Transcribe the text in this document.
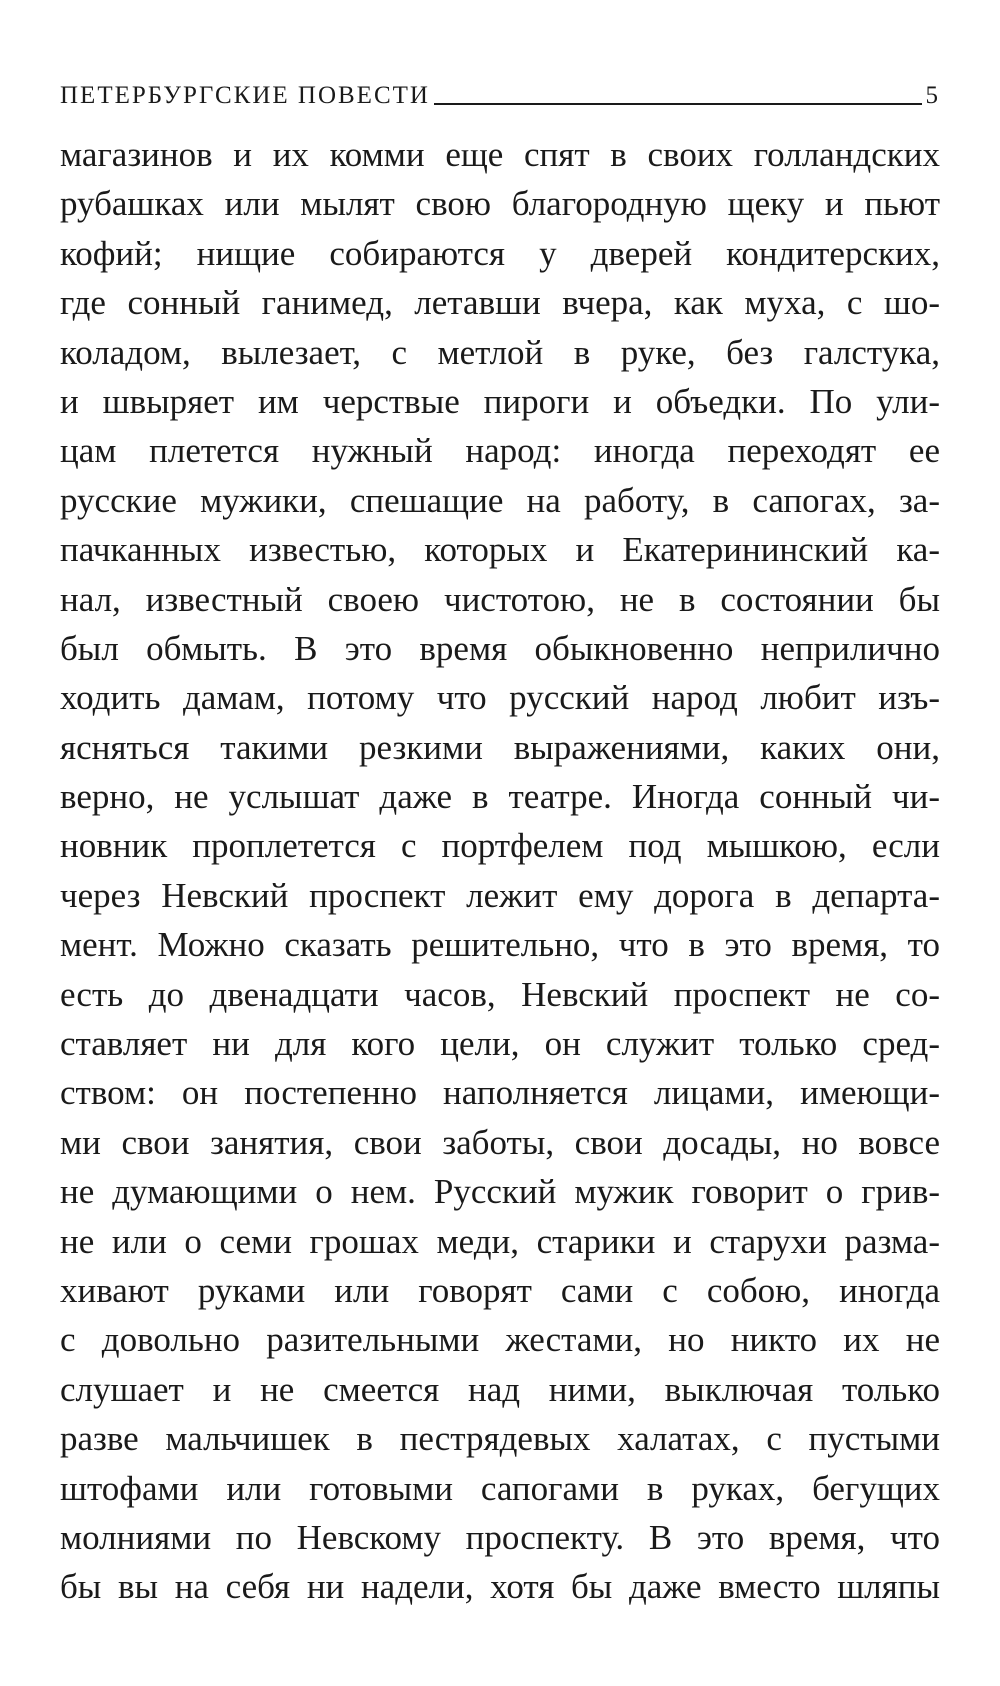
ПЕТЕРБУРГСКИЕ ПОВЕСТИ	5
магазинов и их комми еще спят в своих голландских
рубашках или мылят свою благородную щеку и пьют
кофий; нищие собираются у дверей кондитерских,
где сонный ганимед, летавши вчера, как муха, с шо-
коладом, вылезает, с метлой в руке, без галстука,
и швыряет им черствые пироги и объедки. По ули-
цам плетется нужный народ: иногда переходят ее
русские мужики, спешащие на работу, в сапогах, за-
пачканных известью, которых и Екатерининский ка-
нал, известный своею чистотою, не в состоянии бы
был обмыть. В это время обыкновенно неприлично
ходить дамам, потому что русский народ любит изъ-
ясняться такими резкими выражениями, каких они,
верно, не услышат даже в театре. Иногда сонный чи-
новник проплетется с портфелем под мышкою, если
через Невский проспект лежит ему дорога в департа-
мент. Можно сказать решительно, что в это время, то
есть до двенадцати часов, Невский проспект не со-
ставляет ни для кого цели, он служит только сред-
ством: он постепенно наполняется лицами, имеющи-
ми свои занятия, свои заботы, свои досады, но вовсе
не думающими о нем. Русский мужик говорит о грив-
не или о семи грошах меди, старики и старухи разма-
хивают руками или говорят сами с собою, иногда
с довольно разительными жестами, но никто их не
слушает и не смеется над ними, выключая только
разве мальчишек в пестрядевых халатах, с пустыми
штофами или готовыми сапогами в руках, бегущих
молниями по Невскому проспекту. В это время, что
бы вы на себя ни надели, хотя бы даже вместо шляпы
